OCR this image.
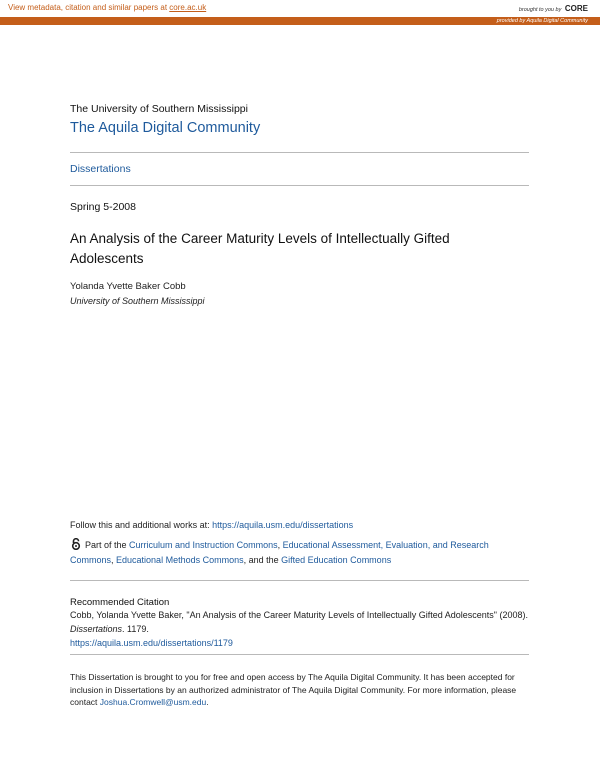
View metadata, citation and similar papers at core.ac.uk	brought to you by CORE
provided by Aquila Digital Community
The University of Southern Mississippi
The Aquila Digital Community
Dissertations
Spring 5-2008
An Analysis of the Career Maturity Levels of Intellectually Gifted Adolescents
Yolanda Yvette Baker Cobb
University of Southern Mississippi
Follow this and additional works at: https://aquila.usm.edu/dissertations
Part of the Curriculum and Instruction Commons, Educational Assessment, Evaluation, and Research Commons, Educational Methods Commons, and the Gifted Education Commons
Recommended Citation
Cobb, Yolanda Yvette Baker, "An Analysis of the Career Maturity Levels of Intellectually Gifted Adolescents" (2008). Dissertations. 1179.
https://aquila.usm.edu/dissertations/1179
This Dissertation is brought to you for free and open access by The Aquila Digital Community. It has been accepted for inclusion in Dissertations by an authorized administrator of The Aquila Digital Community. For more information, please contact Joshua.Cromwell@usm.edu.
